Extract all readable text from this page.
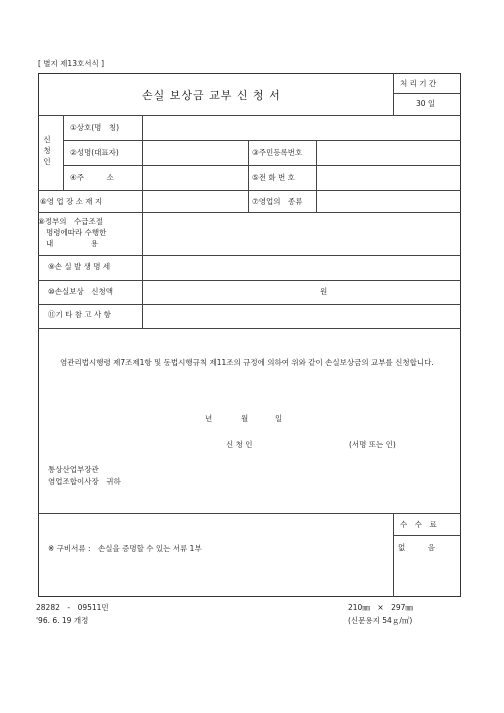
[ 별지 제13호서식 ]
손실 보상금 교부 신 청 서
처 리 기 간
30 일
신청인
①상호(명　칭)
②성명(대표자)	③주민등록번호
④주　　　소	⑤전 화 번 호
⑥영 업 장 소 재 지	⑦영업의　종류
⑧정부의　수급조절
명령에따라 수행한
내　　　　　용
⑨손 실 발 생 명 세
⑩손실보상　신청액	원
⑪기 타 참 고 사 항
염관리법시행령 제7조제1항 및 동법시행규칙 제11조의 규정에 의하여 위와 같이 손실보상금의 교부를 신청합니다.
년	월	일
신 청 인	(서명 또는 인)
통상산업부장관
염업조합이사장　귀하
※ 구비서류 :　손실을 증명할 수 있는 서류 1부
수　수　료
없　　　음
28282　-　09511민
'96. 6. 19 개정
210㎜　×　297㎜
(신문용지 54ｇ/㎡)
